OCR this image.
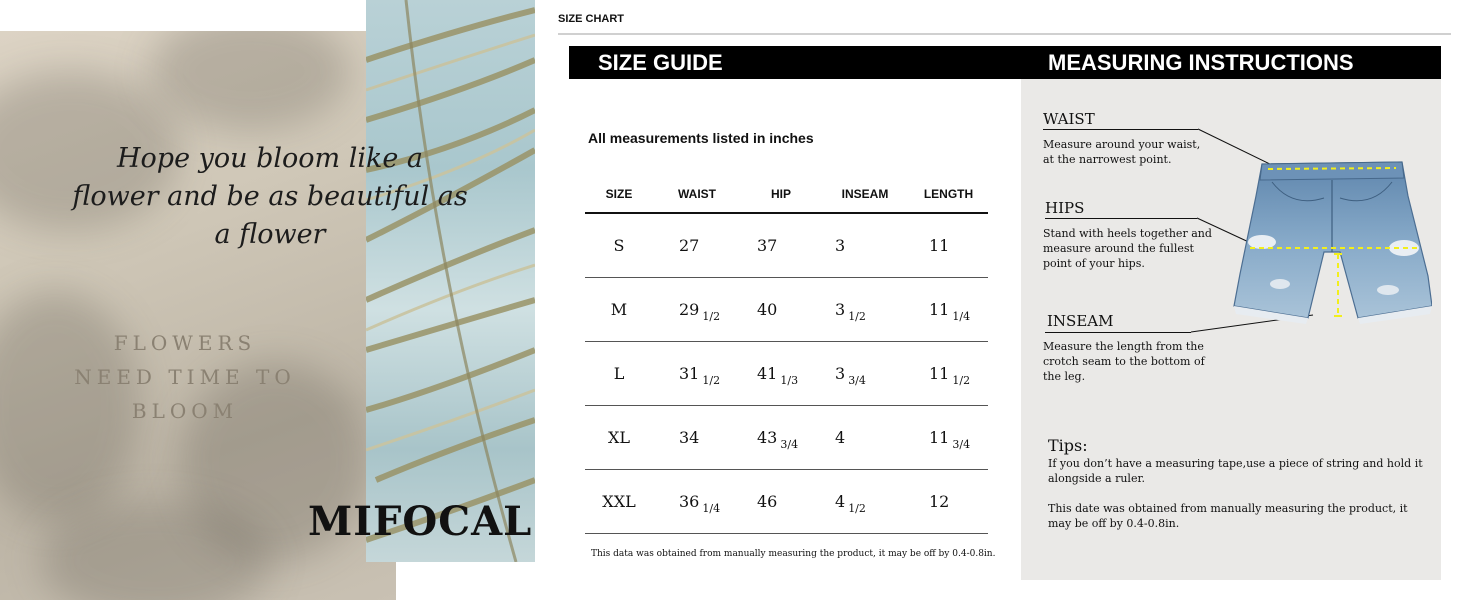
Hope you bloom like a flower and be as beautiful as a flower
FLOWERS
NEED TIME TO
BLOOM
MIFOCAL
SIZE CHART
SIZE GUIDE	MEASURING INSTRUCTIONS
All measurements listed in inches
SIZE	WAIST	HIP	INSEAM	LENGTH
S	27	37	3	11
M	29 $_{1/2}$	40	3 $_{1/2}$	11 $_{1/4}$
L	31 $_{1/2}$	41 $_{1/3}$	3 $_{3/4}$	11 $_{1/2}$
XL	34	43 $_{3/4}$	4	11 $_{3/4}$
XXL	36 $_{1/4}$	46	4 $_{1/2}$	12
This data was obtained from manually measuring the product, it may be off by 0.4-0.8in.
WAIST
Measure around your waist,
at the narrowest point.
HIPS
Stand with heels together and
measure around the fullest
point of your hips.
INSEAM
Measure the length from the
crotch seam to the bottom of
the leg.
Tips:

If you don’t have a measuring tape,use a piece of string and hold it alongside a ruler.

This date was obtained from manually measuring the product, it may be off by 0.4-0.8in.
